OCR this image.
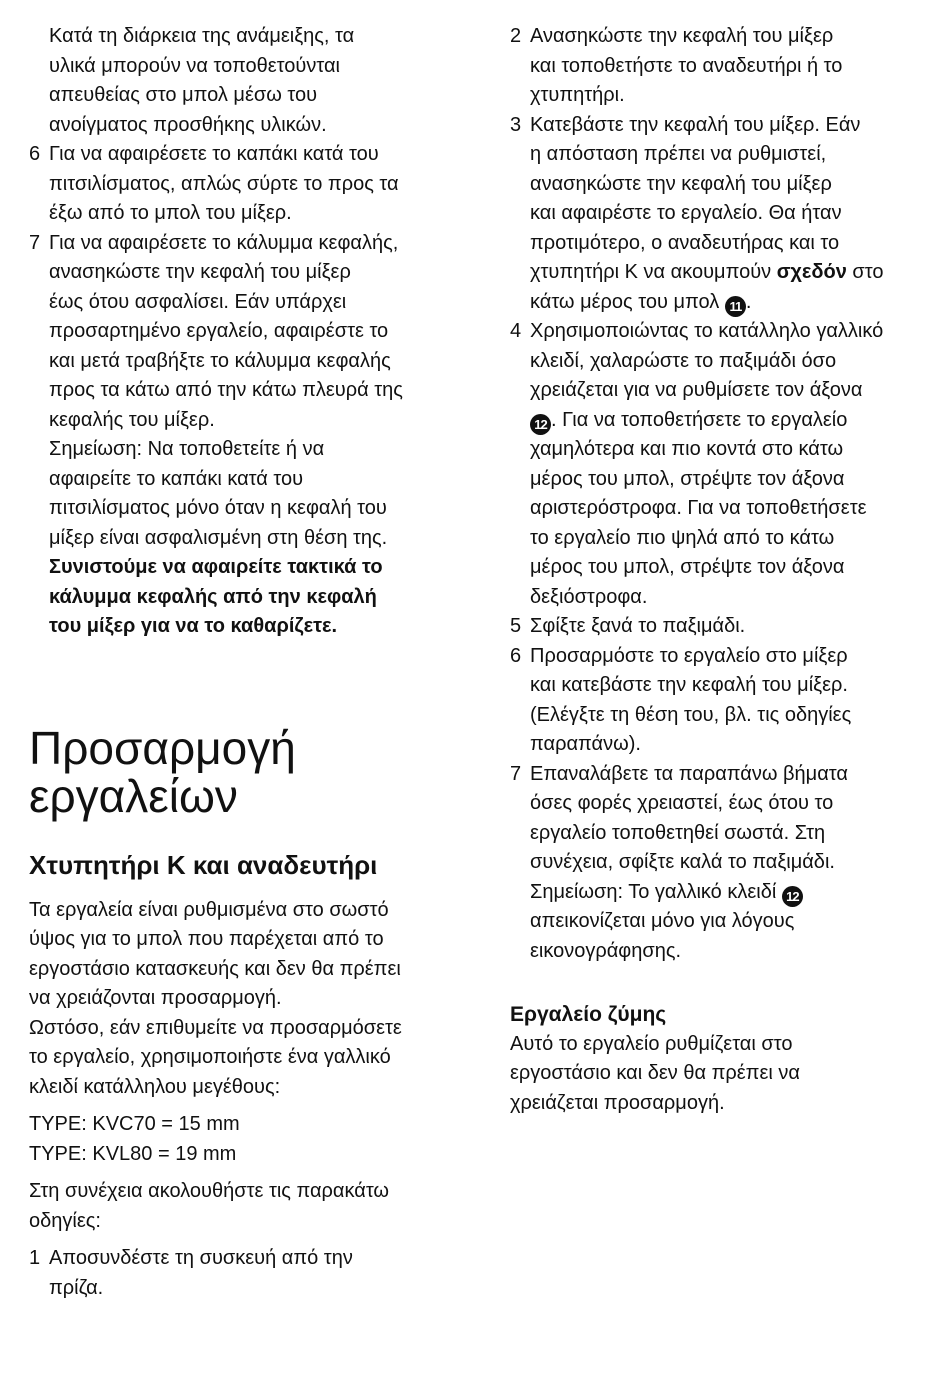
Κατά τη διάρκεια της ανάμειξης, τα
υλικά μπορούν να τοποθετούνται
απευθείας στο μπολ μέσω του
ανοίγματος προσθήκης υλικών.

6 Για να αφαιρέσετε το καπάκι κατά του
πιτσιλίσματος, απλώς σύρτε το προς τα
έξω από το μπολ του μίξερ.
7 Για να αφαιρέσετε το κάλυμμα κεφαλής,
ανασηκώστε την κεφαλή του μίξερ
έως ότου ασφαλίσει. Εάν υπάρχει
προσαρτημένο εργαλείο, αφαιρέστε το
και μετά τραβήξτε το κάλυμμα κεφαλής
προς τα κάτω από την κάτω πλευρά της
κεφαλής του μίξερ.
Σημείωση: Να τοποθετείτε ή να
αφαιρείτε το καπάκι κατά του
πιτσιλίσματος μόνο όταν η κεφαλή του
μίξερ είναι ασφαλισμένη στη θέση της.
Συνιστούμε να αφαιρείτε τακτικά το
κάλυμμα κεφαλής από την κεφαλή
του μίξερ για να το καθαρίζετε.
Προσαρμογή
εργαλείων
Χτυπητήρι Κ και αναδευτήρι

Τα εργαλεία είναι ρυθμισμένα στο σωστό
ύψος για το μπολ που παρέχεται από το
εργοστάσιο κατασκευής και δεν θα πρέπει
να χρειάζονται προσαρμογή.
Ωστόσο, εάν επιθυμείτε να προσαρμόσετε
το εργαλείο, χρησιμοποιήστε ένα γαλλικό
κλειδί κατάλληλου μεγέθους:

TYPE: KVC70 = 15 mm
TYPE: KVL80 = 19 mm

Στη συνέχεια ακολουθήστε τις παρακάτω
οδηγίες:

1 Αποσυνδέστε τη συσκευή από την
πρίζα.
2 Ανασηκώστε την κεφαλή του μίξερ
και τοποθετήστε το αναδευτήρι ή το
χτυπητήρι.
3 Κατεβάστε την κεφαλή του μίξερ. Εάν
η απόσταση πρέπει να ρυθμιστεί,
ανασηκώστε την κεφαλή του μίξερ
και αφαιρέστε το εργαλείο. Θα ήταν
προτιμότερο, ο αναδευτήρας και το
χτυπητήρι Κ να ακουμπούν σχεδόν στο
κάτω μέρος του μπολ 11 .
4 Χρησιμοποιώντας το κατάλληλο γαλλικό
κλειδί, χαλαρώστε το παξιμάδι όσο
χρειάζεται για να ρυθμίσετε τον άξονα
12 . Για να τοποθετήσετε το εργαλείο
χαμηλότερα και πιο κοντά στο κάτω
μέρος του μπολ, στρέψτε τον άξονα
αριστερόστροφα. Για να τοποθετήσετε
το εργαλείο πιο ψηλά από το κάτω
μέρος του μπολ, στρέψτε τον άξονα
δεξιόστροφα.
5 Σφίξτε ξανά το παξιμάδι.
6 Προσαρμόστε το εργαλείο στο μίξερ
και κατεβάστε την κεφαλή του μίξερ.
(Ελέγξτε τη θέση του, βλ. τις οδηγίες
παραπάνω).
7 Επαναλάβετε τα παραπάνω βήματα
όσες φορές χρειαστεί, έως ότου το
εργαλείο τοποθετηθεί σωστά. Στη
συνέχεια, σφίξτε καλά το παξιμάδι.
Σημείωση: Το γαλλικό κλειδί 12
απεικονίζεται μόνο για λόγους
εικονογράφησης.
Εργαλείο ζύμης

Αυτό το εργαλείο ρυθμίζεται στο
εργοστάσιο και δεν θα πρέπει να
χρειάζεται προσαρμογή.
